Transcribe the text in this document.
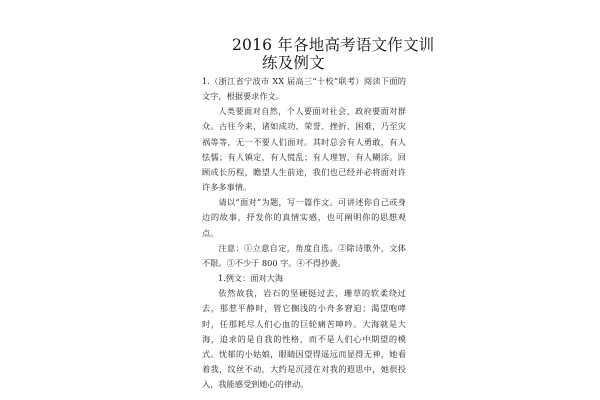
2016 年各地高考语文作文训
练及例文

1.（浙江省宁波市 XX 届高三“十校”联考）阅读下面的文字，根据要求作文。

人类要面对自然，个人要面对社会、政府要面对群众。古往今来，诸如成功、荣誉、挫折、困难，乃至灾祸等等，无一不要人们面对。其时总会有人勇敢，有人怯懦；有人镇定，有人慌乱；有人理智，有人糊涂。回顾成长历程，瞻望人生前途，我们也已经并必将面对许许多多事情。

请以“面对”为题，写一篇作文。可讲述你自己或身边的故事，抒发你的真情实感，也可阐明你的思想观点。

注意：①立意自定，角度自选。②除诗歌外，文体不限。③不少于 800 字。④不得抄袭。

1.例文：面对大海

依然故我，岩石的坚硬挺过去，珊草的软柔绕过去，那惹平静时，管它搁浅的小舟多窘迫；渴望咆哮时，任那耗尽人们心血的巨轮痛苦呻吟。大海就是大海，追求的是自我的性格，而不是人们心中期望的模式。忧郁的小姑娘，眼睛因望得遥远而显得无神，她看着我，纹丝不动，大约是沉浸在对我的遐思中，她很投入，我能感受到她心的律动。
